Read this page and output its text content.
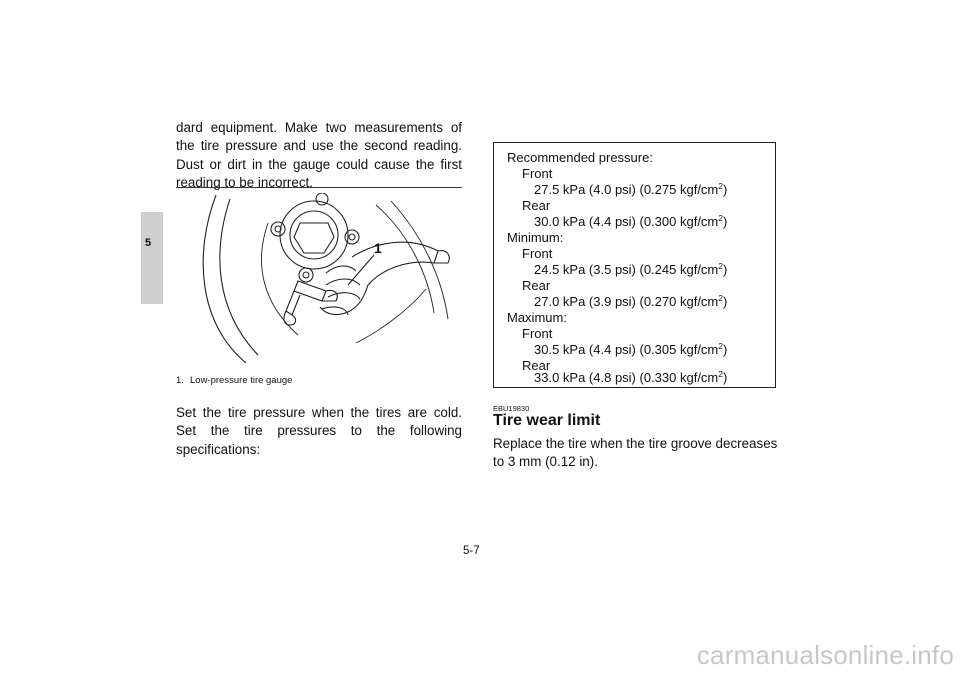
5

dard equipment. Make two measurements of the tire pressure and use the second reading. Dust or dirt in the gauge could cause the first reading to be incorrect.

1
1. Low-pressure tire gauge

Set the tire pressure when the tires are cold. Set the tire pressures to the following specifications:

Recommended pressure:
Front
27.5 kPa (4.0 psi) (0.275 kgf/$cm^2$)
Rear
30.0 kPa (4.4 psi) (0.300 kgf/$cm^2$)
Minimum:
Front
24.5 kPa (3.5 psi) (0.245 kgf/$cm^2$)
Rear
27.0 kPa (3.9 psi) (0.270 kgf/$cm^2$)
Maximum:
Front
30.5 kPa (4.4 psi) (0.305 kgf/$cm^2$)
Rear
33.0 kPa (4.8 psi) (0.330 kgf/$cm^2$)
EBU19830
Tire wear limit

Replace the tire when the tire groove decreases to 3 mm (0.12 in).

5-7
carmanualsonline.info
